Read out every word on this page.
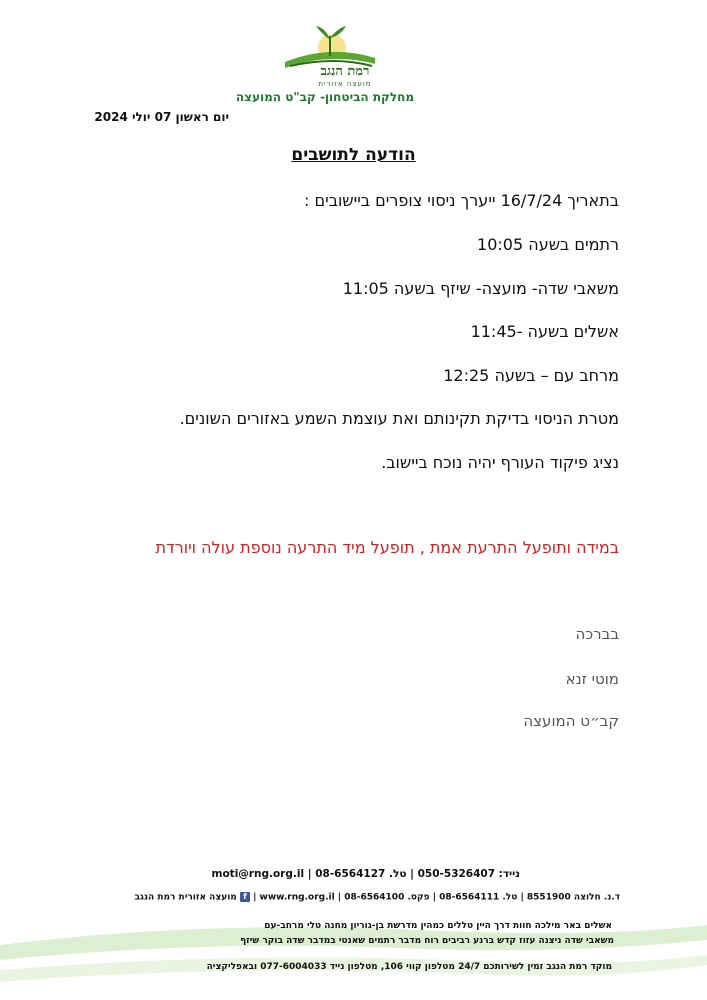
רמת הנגב
מועצה אזורית
מחלקת הביטחון- קב"ט המועצה
יום ראשון 07 יולי 2024
הודעה לתושבים
בתאריך 16/7/24 ייערך ניסוי צופרים ביישובים :
רתמים בשעה 10:05
משאבי שדה- מועצה- שיזף בשעה 11:05
אשלים בשעה -11:45
מרחב עם – בשעה 12:25
מטרת הניסוי בדיקת תקינותם ואת עוצמת השמע באזורים השונים.
נציג פיקוד העורף יהיה נוכח ביישוב.
במידה ותופעל התרעת אמת , תופעל מיד התרעה נוספת עולה ויורדת
בברכה
מוטי זנא
קב״ט המועצה
נייד: 050-5326407 | טל. 08-6564127 | moti@rng.org.il
ד.נ. חלוצה 8551900 | טל. 08-6564111 | פקס. 08-6564100 | www.rng.org.il | f מועצה אזורית רמת הנגב
אשלים באר מילכה חוות דרך היין טללים כמהין מדרשת בן-גוריון מחנה טלי מרחב-עם
משאבי שדה ניצנה עזוז קדש ברנע רביבים רוח מדבר רתמים שאנטי במדבר שדה בוקר שיזף
מוקד רמת הנגב זמין לשירותכם 24/7 מטלפון קווי 106, מטלפון נייד 077-6004033 ובאפליקציה
